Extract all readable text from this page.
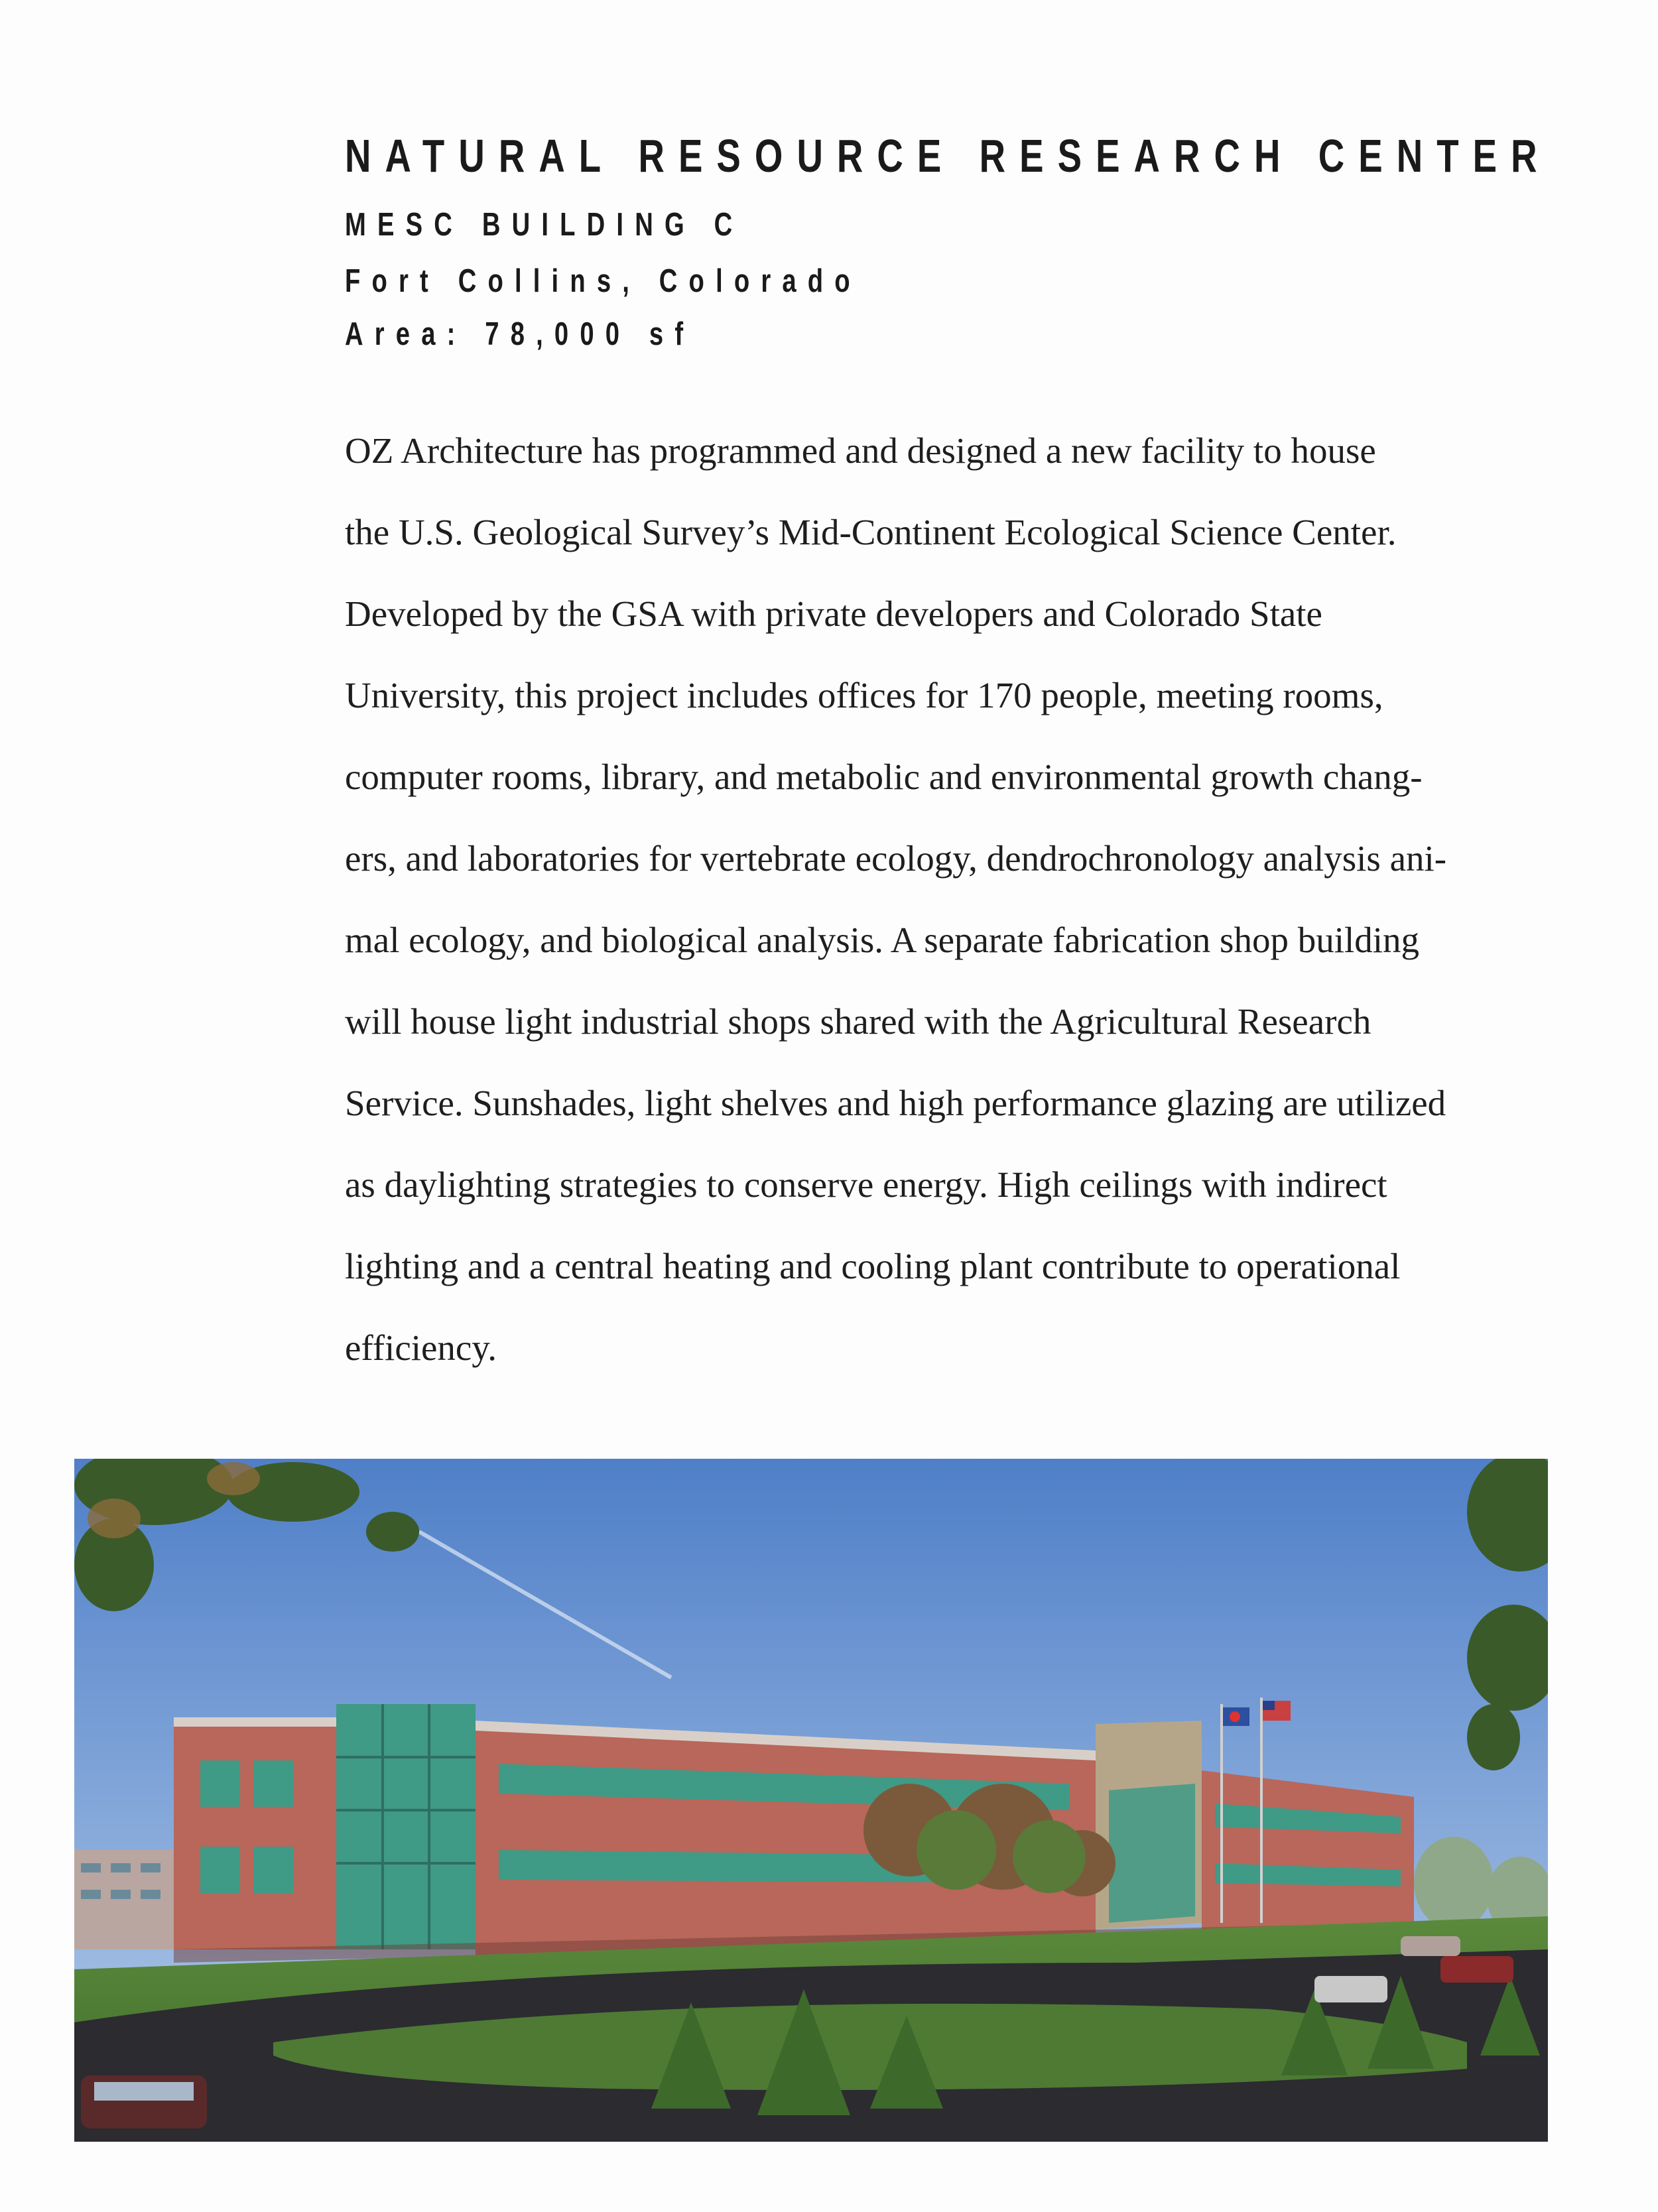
NATURAL RESOURCE RESEARCH CENTER
MESC BUILDING C
Fort Collins, Colorado
Area: 78,000 sf
OZ Architecture has programmed and designed a new facility to house
the U.S. Geological Survey’s Mid-Continent Ecological Science Center.
Developed by the GSA with private developers and Colorado State
University, this project includes offices for 170 people, meeting rooms,
computer rooms, library, and metabolic and environmental growth chang-
ers, and laboratories for vertebrate ecology, dendrochronology analysis ani-
mal ecology, and biological analysis. A separate fabrication shop building
will house light industrial shops shared with the Agricultural Research
Service. Sunshades, light shelves and high performance glazing are utilized
as daylighting strategies to conserve energy. High ceilings with indirect
lighting and a central heating and cooling plant contribute to operational
efficiency.
